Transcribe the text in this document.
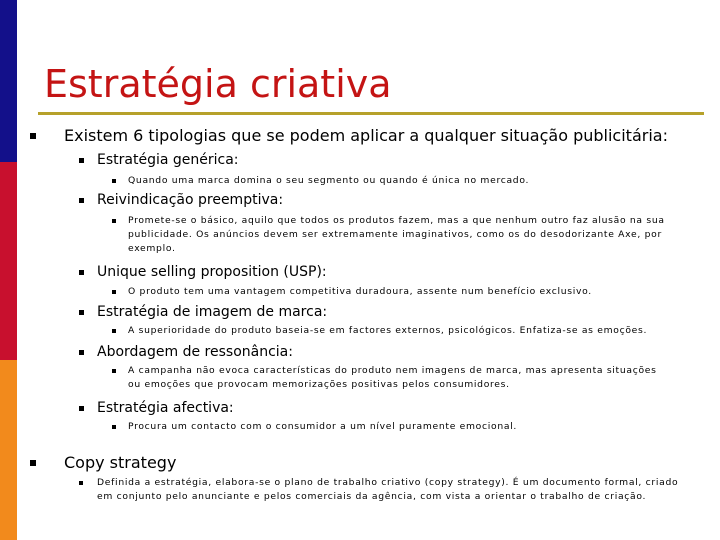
Estratégia criativa
Existem 6 tipologias que se podem aplicar a qualquer situação publicitária:
Estratégia genérica:
Quando uma marca domina o seu segmento ou quando é única no mercado.
Reivindicação preemptiva:
Promete-se o básico, aquilo que todos os produtos fazem, mas a que nenhum outro faz alusão na sua publicidade. Os anúncios devem ser extremamente imaginativos, como os do desodorizante Axe, por exemplo.
Unique selling proposition (USP):
O produto tem uma vantagem competitiva duradoura, assente num benefício exclusivo.
Estratégia de imagem de marca:
A superioridade do produto baseia-se em factores externos, psicológicos. Enfatiza-se as emoções.
Abordagem de ressonância:
A campanha não evoca características do produto nem imagens de marca, mas apresenta situações ou emoções que provocam memorizações positivas pelos consumidores.
Estratégia afectiva:
Procura um contacto com o consumidor a um nível puramente emocional.
Copy strategy
Definida a estratégia, elabora-se o plano de trabalho criativo (copy strategy). É um documento formal, criado em conjunto pelo anunciante e pelos comerciais da agência, com vista a orientar o trabalho de criação.
